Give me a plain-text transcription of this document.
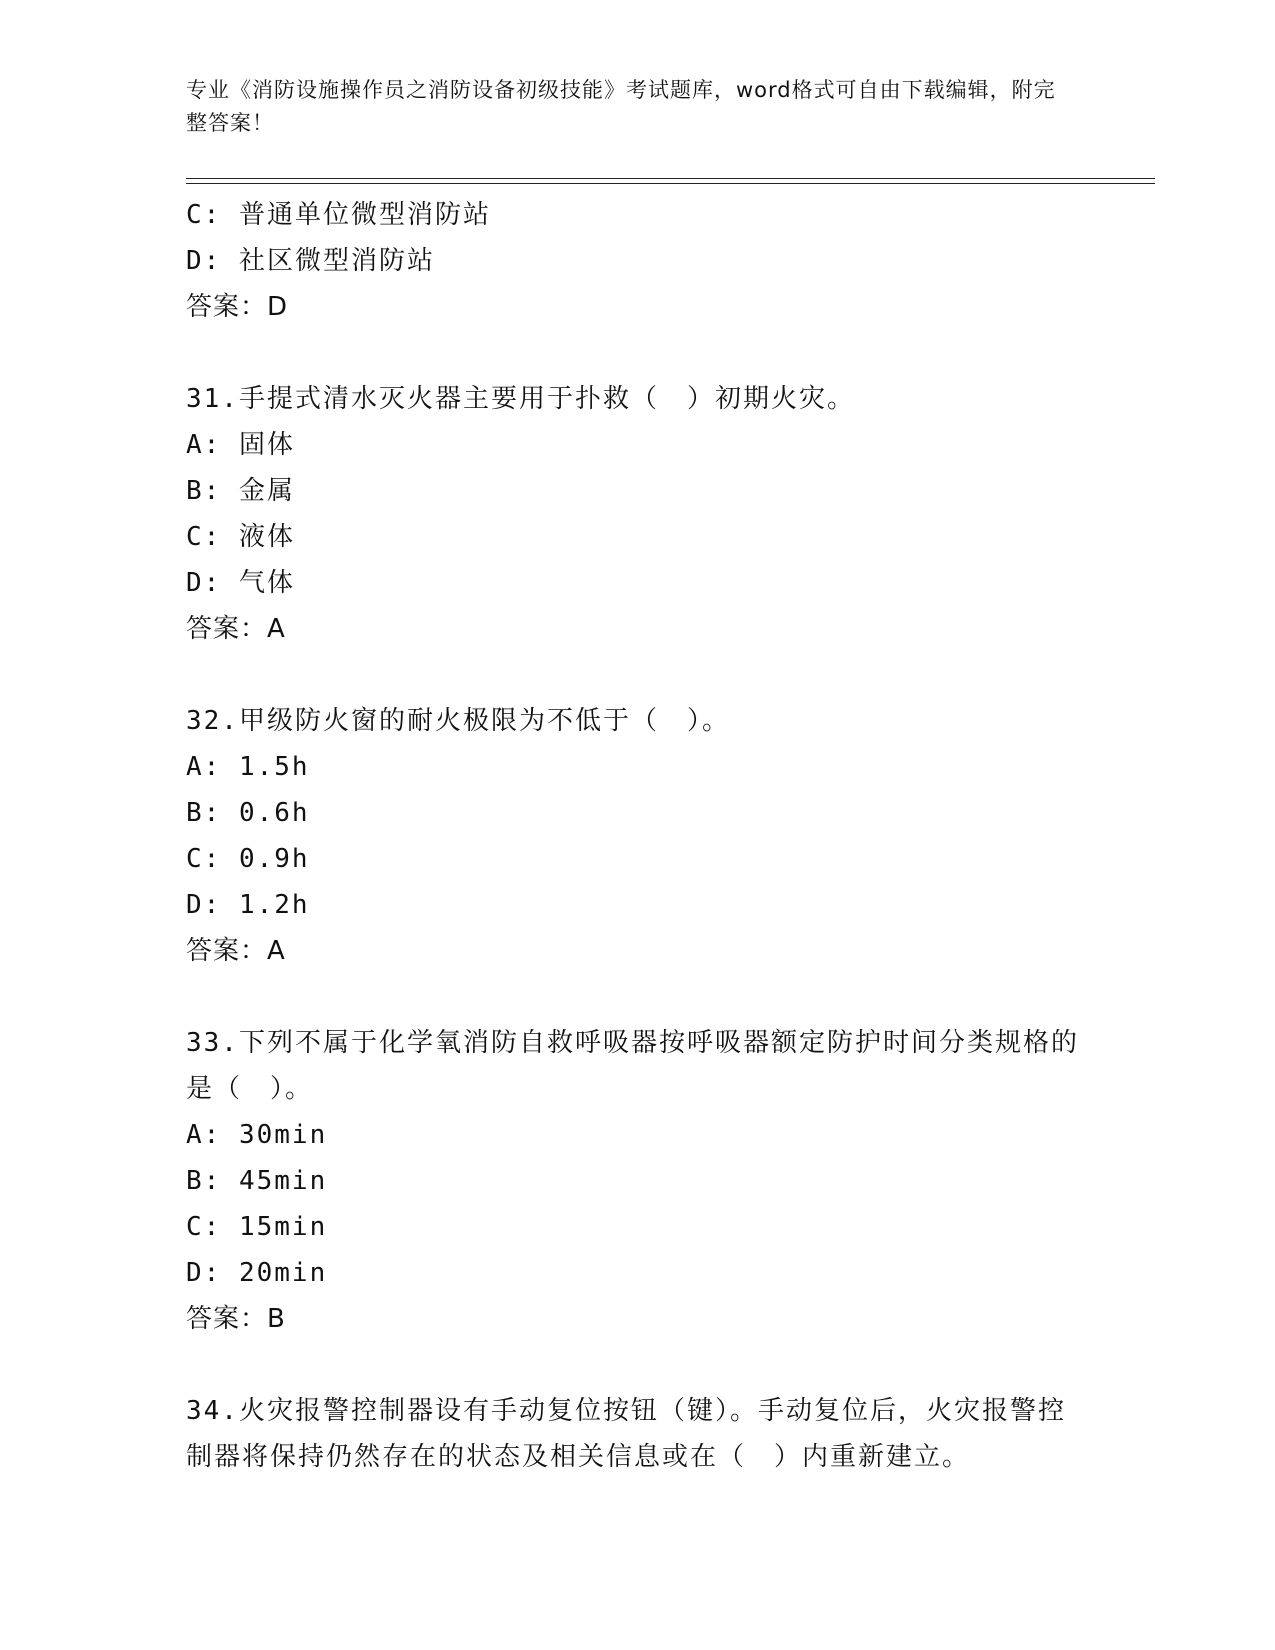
专业《消防设施操作员之消防设备初级技能》考试题库，word格式可自由下载编辑，附完整答案！
C: 普通单位微型消防站
D: 社区微型消防站
答案：D
31.手提式清水灭火器主要用于扑救（　）初期火灾。
A: 固体
B: 金属
C: 液体
D: 气体
答案：A
32.甲级防火窗的耐火极限为不低于（　）。
A: 1.5h
B: 0.6h
C: 0.9h
D: 1.2h
答案：A
33.下列不属于化学氧消防自救呼吸器按呼吸器额定防护时间分类规格的是（　）。
A: 30min
B: 45min
C: 15min
D: 20min
答案：B
34.火灾报警控制器设有手动复位按钮（键）。手动复位后，火灾报警控制器将保持仍然存在的状态及相关信息或在（　）内重新建立。
